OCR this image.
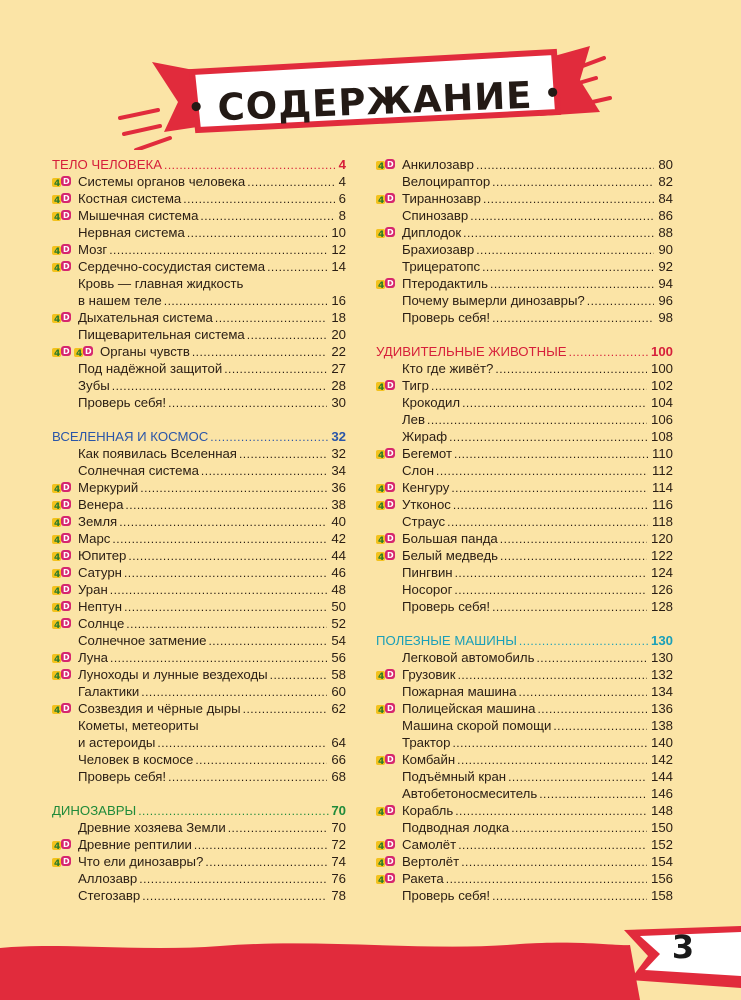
• СОДЕРЖАНИЕ •
ТЕЛО ЧЕЛОВЕКА .....	4
4 D Системы органов человека .....	4
4 D Костная система .....	6
4 D Мышечная система .....	8
Нервная система .....	10
4 D Мозг .....	12
4 D Сердечно-сосудистая система .....	14
Кровь — главная жидкость
в нашем теле .....	16
4 D Дыхательная система .....	18
Пищеварительная система .....	20
4 D 4 D Органы чувств .....	22
Под надёжной защитой .....	27
Зубы .....	28
Проверь себя! .....	30
ВСЕЛЕННАЯ И КОСМОС .....	32
Как появилась Вселенная .....	32
Солнечная система .....	34
4 D Меркурий .....	36
4 D Венера .....	38
4 D Земля .....	40
4 D Марс .....	42
4 D Юпитер .....	44
4 D Сатурн .....	46
4 D Уран .....	48
4 D Нептун .....	50
4 D Солнце .....	52
Солнечное затмение .....	54
4 D Луна .....	56
4 D Луноходы и лунные вездеходы .....	58
Галактики .....	60
4 D Созвездия и чёрные дыры .....	62
Кометы, метеориты
и астероиды .....	64
Человек в космосе .....	66
Проверь себя! .....	68
ДИНОЗАВРЫ .....	70
Древние хозяева Земли .....	70
4 D Древние рептилии .....	72
4 D Что ели динозавры? .....	74
Аллозавр .....	76
Стегозавр .....	78
4 D Анкилозавр .....	80
Велоцираптор .....	82
4 D Тираннозавр .....	84
Спинозавр .....	86
4 D Диплодок .....	88
Брахиозавр .....	90
Трицератопс .....	92
4 D Птеродактиль .....	94
Почему вымерли динозавры? .....	96
Проверь себя! .....	98
УДИВИТЕЛЬНЫЕ ЖИВОТНЫЕ .....	100
Кто где живёт? .....	100
4 D Тигр .....	102
Крокодил .....	104
Лев .....	106
Жираф .....	108
4 D Бегемот .....	110
Слон .....	112
4 D Кенгуру .....	114
4 D Утконос .....	116
Страус .....	118
4 D Большая панда .....	120
4 D Белый медведь .....	122
Пингвин .....	124
Носорог .....	126
Проверь себя! .....	128
ПОЛЕЗНЫЕ МАШИНЫ .....	130
Легковой автомобиль .....	130
4 D Грузовик .....	132
Пожарная машина .....	134
4 D Полицейская машина .....	136
Машина скорой помощи .....	138
Трактор .....	140
4 D Комбайн .....	142
Подъёмный кран .....	144
Автобетоносмеситель .....	146
4 D Корабль .....	148
Подводная лодка .....	150
4 D Самолёт .....	152
4 D Вертолёт .....	154
4 D Ракета .....	156
Проверь себя! .....	158
3
